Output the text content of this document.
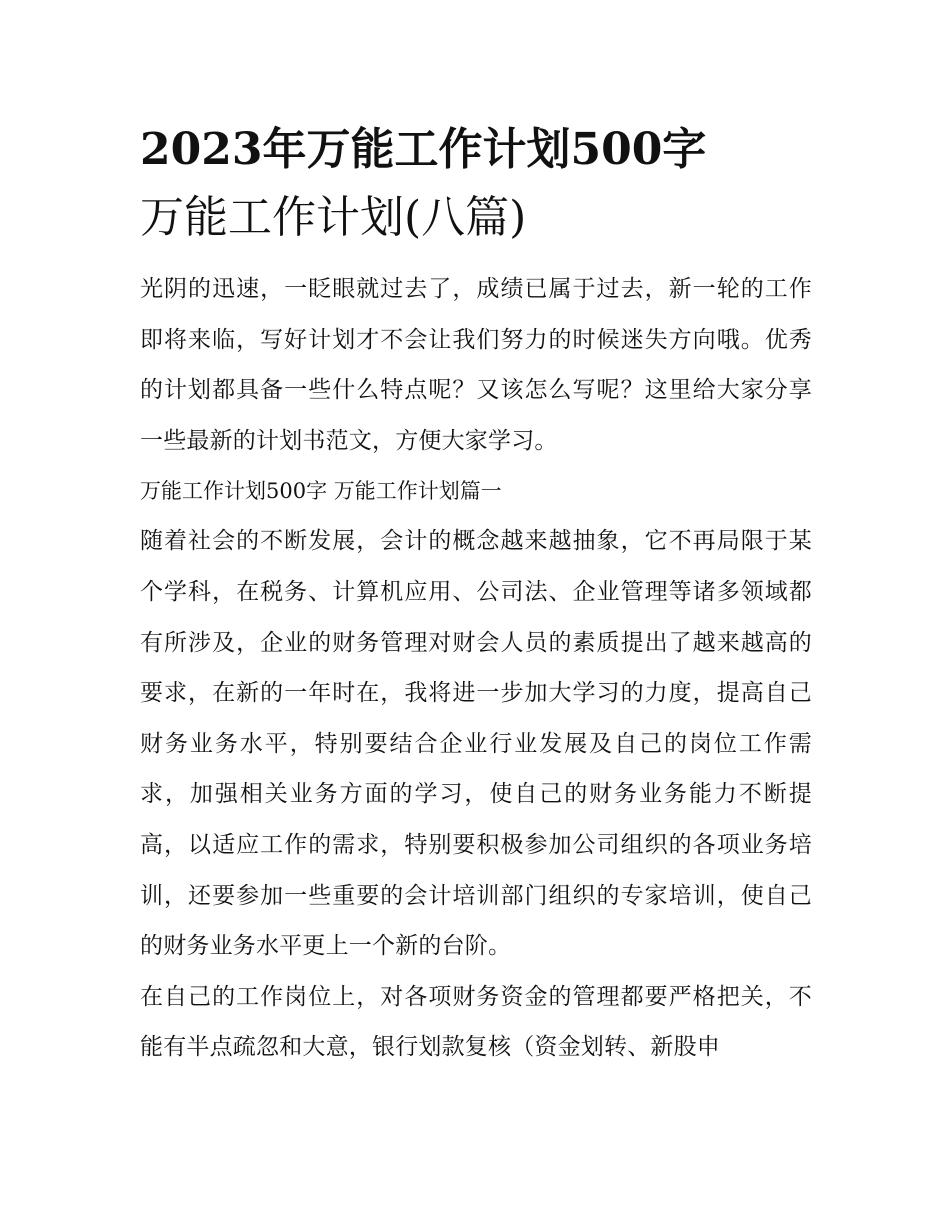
2023年万能工作计划500字
万能工作计划(八篇)

光阴的迅速，一眨眼就过去了，成绩已属于过去，新一轮的工作即将来临，写好计划才不会让我们努力的时候迷失方向哦。优秀的计划都具备一些什么特点呢？又该怎么写呢？这里给大家分享一些最新的计划书范文，方便大家学习。

万能工作计划500字 万能工作计划篇一

随着社会的不断发展，会计的概念越来越抽象，它不再局限于某个学科，在税务、计算机应用、公司法、企业管理等诸多领域都有所涉及，企业的财务管理对财会人员的素质提出了越来越高的要求，在新的一年时在，我将进一步加大学习的力度，提高自己财务业务水平，特别要结合企业行业发展及自己的岗位工作需求，加强相关业务方面的学习，使自己的财务业务能力不断提高，以适应工作的需求，特别要积极参加公司组织的各项业务培训，还要参加一些重要的会计培训部门组织的专家培训，使自己的财务业务水平更上一个新的台阶。

在自己的工作岗位上，对各项财务资金的管理都要严格把关，不能有半点疏忽和大意，银行划款复核（资金划转、新股申
